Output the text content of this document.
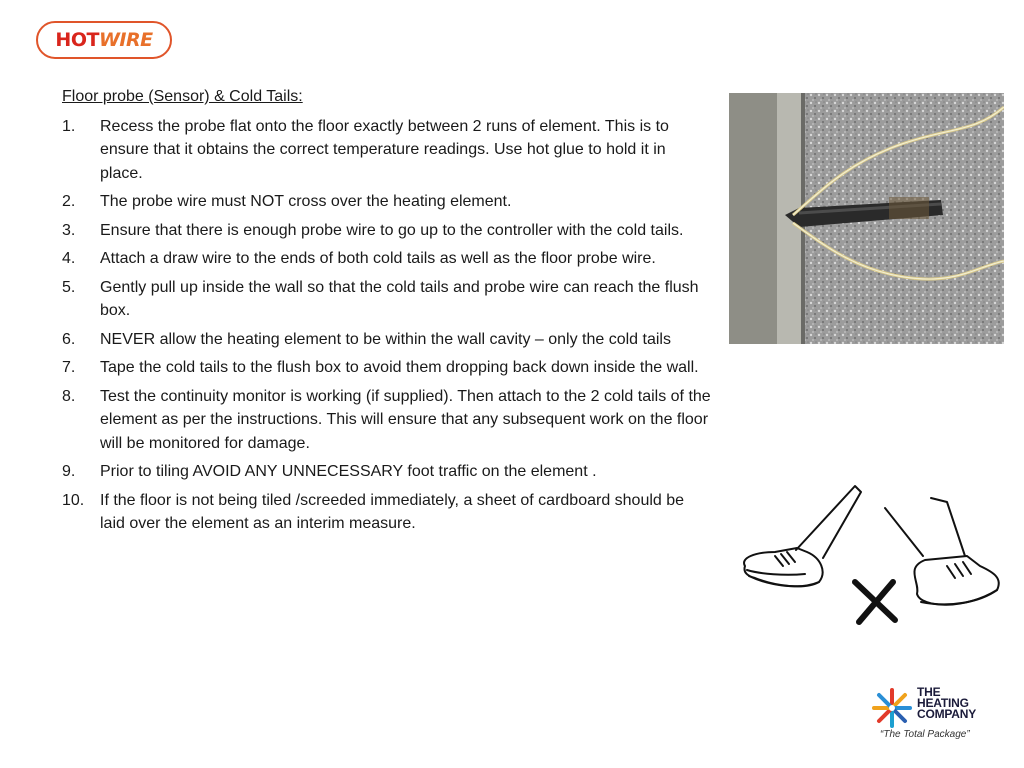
HOT WIRE
Floor probe (Sensor) & Cold Tails:
1.	Recess the probe flat onto the floor exactly between 2 runs of element. This is to ensure that it obtains the correct temperature readings. Use hot glue to hold it in place.
2.	The probe wire must NOT cross over the heating element.
3.	Ensure that there is enough probe wire to go up to the controller with the cold tails.
4.	Attach a draw wire to the ends of both cold tails as well as the floor probe wire.
5.	Gently pull up inside the wall so that the cold tails and probe wire can reach the flush box.
6.	NEVER allow the heating element to be within the wall cavity – only the cold tails
7.	Tape the cold tails to the flush box to avoid them dropping back down inside the wall.
8.	Test the continuity monitor is working (if supplied). Then attach to the 2 cold tails of the element as per the instructions. This will ensure that any subsequent work on the floor will be monitored for damage.
9.	Prior to tiling AVOID ANY UNNECESSARY foot traffic on the element .
10. If the floor is not being tiled /screeded immediately, a sheet of cardboard should be laid over the element as an interim measure.
THE
HEATING
COMPANY
“The Total Package”
